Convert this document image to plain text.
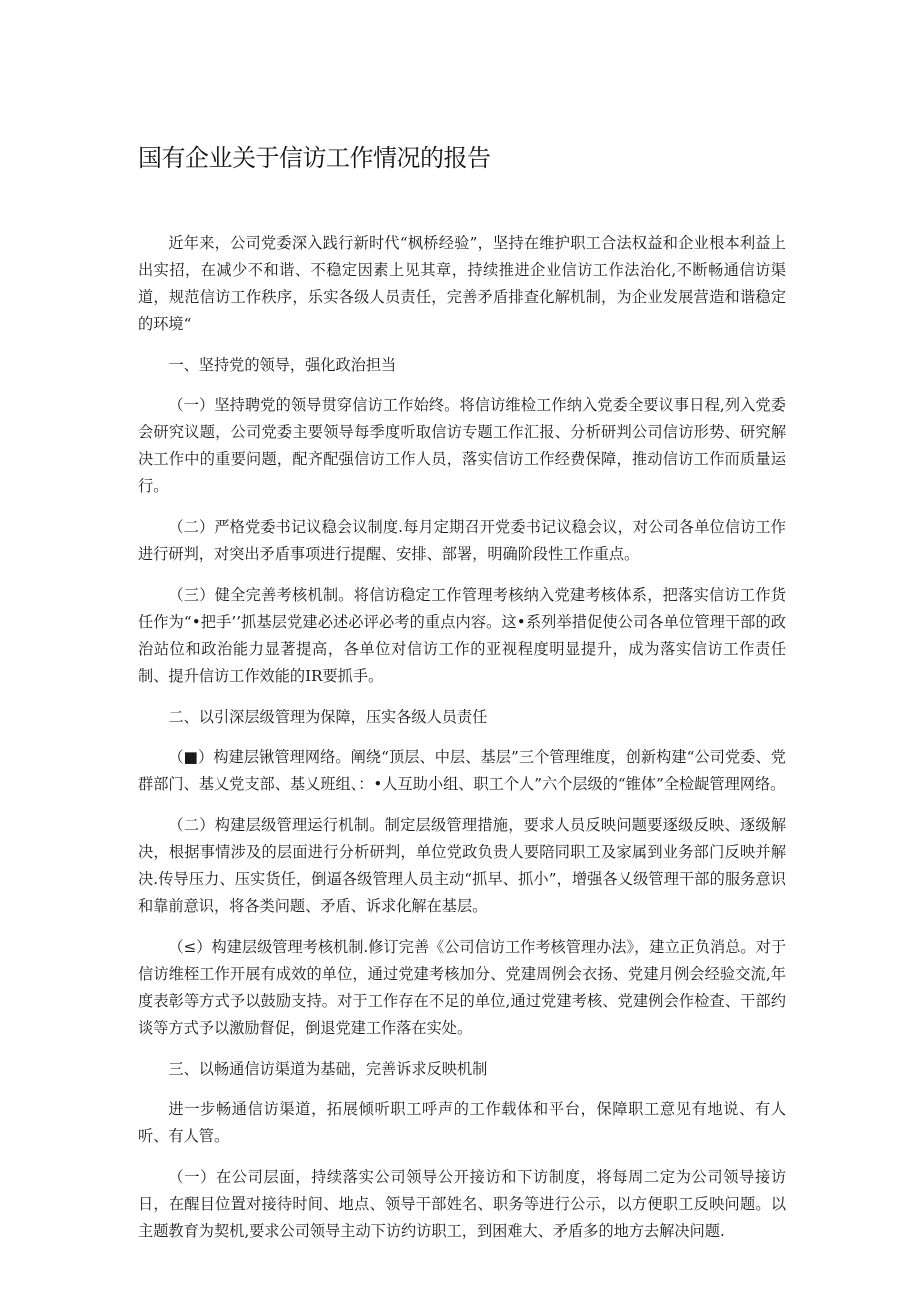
国有企业关于信访工作情况的报告

近年来，公司党委深入践行新时代“枫桥经验”，坚持在维护职工合法权益和企业根本利益上出实招，在减少不和谐、不稳定因素上见其章，持续推进企业信访工作法治化,不断畅通信访渠道，规范信访工作秩序，乐实各级人员责任，完善矛盾排查化解机制，为企业发展营造和谐稳定的环境“

一、坚持党的领导，强化政治担当

（一）坚持聘党的领导贯穿信访工作始终。将信访维检工作纳入党委全要议事日程,列入党委会研究议题，公司党委主要领导每季度听取信访专题工作汇报、分析研判公司信访形势、研究解决工作中的重要问题，配齐配强信访工作人员，落实信访工作经费保障，推动信访工作而质量运行。

（二）严格党委书记议稳会议制度.每月定期召开党委书记议稳会议，对公司各单位信访工作进行研判，对突出矛盾事项进行提醒、安排、部署，明确阶段性工作重点。

（三）健全完善考核机制。将信访稳定工作管理考核纳入党建考核体系，把落实信访工作货任作为“•把手’’抓基层党建必述必评必考的重点内容。这•系列举措促使公司各单位管理干部的政治站位和政治能力显著提高，各单位对信访工作的亚视程度明显提升，成为落实信访工作责任制、提升信访工作效能的IR要抓手。

二、以引深层级管理为保障，压实各级人员责任

（■）构建层锹管理网络。阐绕“顶层、中层、基层”三个管理维度，创新构建“公司党委、党群部门、基乂党支部、基乂班组、：•人互助小组、职工个人”六个层级的“锥体”全检龊管理网络。

（二）构建层级管理运行机制。制定层级管理措施，要求人员反映问题要逐级反映、逐级解决，根据事情涉及的层面进行分析研判，单位党政负贵人要陪同职工及家属到业务部门反映并解决.传导压力、压实货任，倒逼各级管理人员主动“抓早、抓小”，增强各乂级管理干部的服务意识和靠前意识，将各类问题、矛盾、诉求化解在基层。

（≤）构建层级管理考核机制.修订完善《公司信访工作考核管理办法》，建立正负消总。对于信访维桎工作开展有成效的单位，通过党建考核加分、党建周例会衣扬、党建月例会经验交流,年度表彰等方式予以鼓励支持。对于工作存在不足的单位,通过党建考核、党建例会作检查、干部约谈等方式予以激励督促，倒退党建工作落在实处。

三、以畅通信访渠道为基础，完善诉求反映机制

进一步畅通信访渠道，拓展倾听职工呼声的工作载体和平台，保障职工意见有地说、有人听、有人管。

（一）在公司层面，持续落实公司领导公开接访和下访制度，将每周二定为公司领导接访日，在醒目位置对接待时间、地点、领导干部姓名、职务等进行公示，以方便职工反映问题。以主题教育为契机,要求公司领导主动下访约访职工，到困难大、矛盾多的地方去解决问题.
